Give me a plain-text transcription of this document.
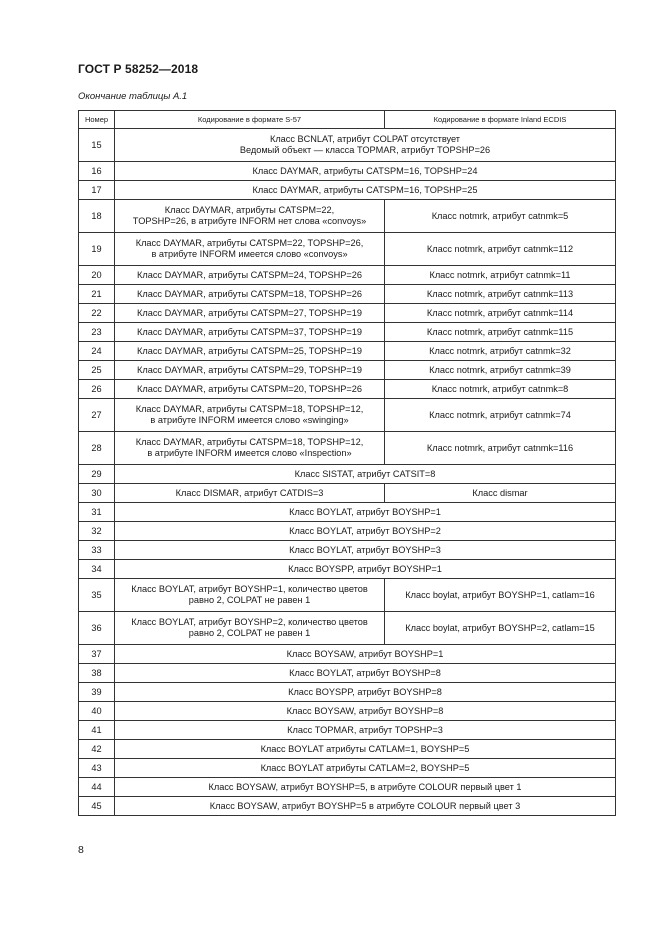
ГОСТ Р 58252—2018
Окончание таблицы А.1
Номер	Кодирование в формате S-57	Кодирование в формате Inland ECDIS
15	Класс BCNLAT, атрибут COLPAT отсутствует
Ведомый объект — класса TOPMAR, атрибут TOPSHP=26	
16	Класс DAYMAR, атрибуты CATSPM=16, TOPSHP=24	
17	Класс DAYMAR, атрибуты CATSPM=16, TOPSHP=25	
18	Класс DAYMAR, атрибуты CATSPM=22,
TOPSHP=26, в атрибуте INFORM нет слова «convoys»	Класс notmrk, атрибут catnmk=5
19	Класс DAYMAR, атрибуты CATSPM=22, TOPSHP=26,
в атрибуте INFORM имеется слово «convoys»	Класс notmrk, атрибут catnmk=112
20	Класс DAYMAR, атрибуты CATSPM=24, TOPSHP=26	Класс notmrk, атрибут catnmk=11
21	Класс DAYMAR, атрибуты CATSPM=18, TOPSHP=26	Класс notmrk, атрибут catnmk=113
22	Класс DAYMAR, атрибуты CATSPM=27, TOPSHP=19	Класс notmrk, атрибут catnmk=114
23	Класс DAYMAR, атрибуты CATSPM=37, TOPSHP=19	Класс notmrk, атрибут catnmk=115
24	Класс DAYMAR, атрибуты CATSPM=25, TOPSHP=19	Класс notmrk, атрибут catnmk=32
25	Класс DAYMAR, атрибуты CATSPM=29, TOPSHP=19	Класс notmrk, атрибут catnmk=39
26	Класс DAYMAR, атрибуты CATSPM=20, TOPSHP=26	Класс notmrk, атрибут catnmk=8
27	Класс DAYMAR, атрибуты CATSPM=18, TOPSHP=12,
в атрибуте INFORM имеется слово «swinging»	Класс notmrk, атрибут catnmk=74
28	Класс DAYMAR, атрибуты CATSPM=18, TOPSHP=12,
в атрибуте INFORM имеется слово «Inspection»	Класс notmrk, атрибут catnmk=116
29	Класс SISTAT, атрибут CATSIT=8	
30	Класс DISMAR, атрибут CATDIS=3	Класс dismar
31	Класс BOYLAT, атрибут BOYSHP=1	
32	Класс BOYLAT, атрибут BOYSHP=2	
33	Класс BOYLAT, атрибут BOYSHP=3	
34	Класс BOYSPP, атрибут BOYSHP=1	
35	Класс BOYLAT, атрибут BOYSHP=1, количество цветов
равно 2, COLPAT не равен 1	Класс boylat, атрибут BOYSHP=1, catlam=16
36	Класс BOYLAT, атрибут BOYSHP=2, количество цветов
равно 2, COLPAT не равен 1	Класс boylat, атрибут BOYSHP=2, catlam=15
37	Класс BOYSAW, атрибут BOYSHP=1	
38	Класс BOYLAT, атрибут BOYSHP=8	
39	Класс BOYSPP, атрибут BOYSHP=8	
40	Класс BOYSAW, атрибут BOYSHP=8	
41	Класс TOPMAR, атрибут TOPSHP=3	
42	Класс BOYLAT атрибуты CATLAM=1, BOYSHP=5	
43	Класс BOYLAT атрибуты CATLAM=2, BOYSHP=5	
44	Класс BOYSAW, атрибут BOYSHP=5, в атрибуте COLOUR первый цвет 1	
45	Класс BOYSAW, атрибут BOYSHP=5 в атрибуте COLOUR первый цвет 3	
8
